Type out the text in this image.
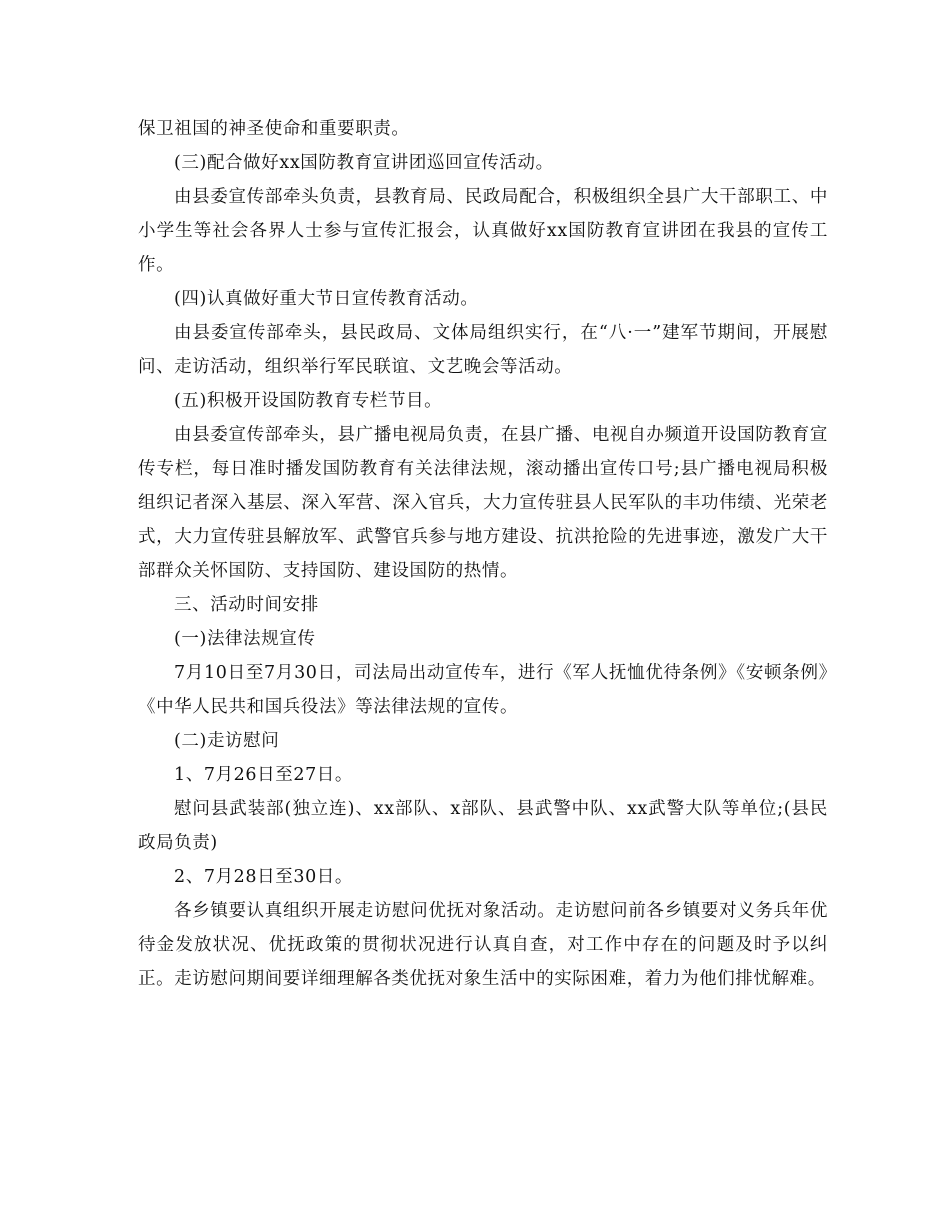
保卫祖国的神圣使命和重要职责。

(三)配合做好xx国防教育宣讲团巡回宣传活动。

由县委宣传部牵头负责，县教育局、民政局配合，积极组织全县广大干部职工、中小学生等社会各界人士参与宣传汇报会，认真做好xx国防教育宣讲团在我县的宣传工作。

(四)认真做好重大节日宣传教育活动。

由县委宣传部牵头，县民政局、文体局组织实行，在“八·一”建军节期间，开展慰问、走访活动，组织举行军民联谊、文艺晚会等活动。

(五)积极开设国防教育专栏节目。

由县委宣传部牵头，县广播电视局负责，在县广播、电视自办频道开设国防教育宣传专栏，每日准时播发国防教育有关法律法规，滚动播出宣传口号;县广播电视局积极组织记者深入基层、深入军营、深入官兵，大力宣传驻县人民军队的丰功伟绩、光荣老式，大力宣传驻县解放军、武警官兵参与地方建设、抗洪抢险的先进事迹，激发广大干部群众关怀国防、支持国防、建设国防的热情。

三、活动时间安排

(一)法律法规宣传

7月10日至7月30日，司法局出动宣传车，进行《军人抚恤优待条例》《安顿条例》《中华人民共和国兵役法》等法律法规的宣传。

(二)走访慰问

1、7月26日至27日。

慰问县武装部(独立连)、xx部队、x部队、县武警中队、xx武警大队等单位;(县民政局负责)

2、7月28日至30日。

各乡镇要认真组织开展走访慰问优抚对象活动。走访慰问前各乡镇要对义务兵年优待金发放状况、优抚政策的贯彻状况进行认真自查，对工作中存在的问题及时予以纠正。走访慰问期间要详细理解各类优抚对象生活中的实际困难，着力为他们排忧解难。
